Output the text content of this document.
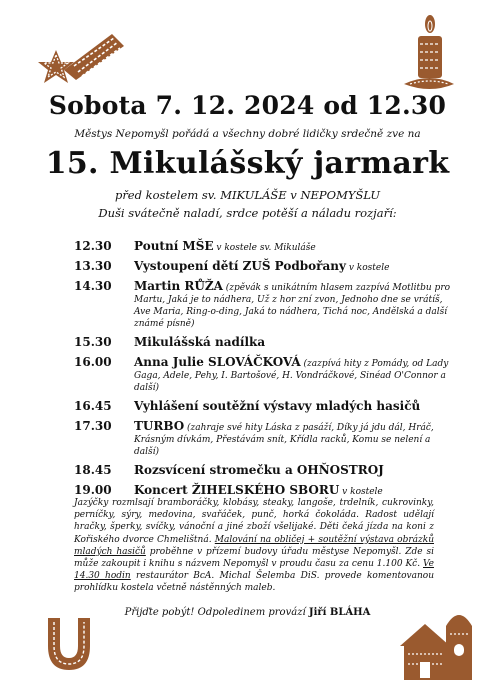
Sobota 7. 12. 2024 od 12.30
Městys Nepomyšl pořádá a všechny dobré lidičky srdečně zve na
15. Mikulášský jarmark
před kostelem sv. MIKULÁŠE v NEPOMYŠLU
Duši svátečně naladí, srdce potěší a náladu rozjaří:
12.30	Poutní MŠE v kostele sv. Mikuláše
13.30	Vystoupení dětí ZUŠ Podbořany v kostele
14.30	Martin RŮŽA (zpěvák s unikátním hlasem zazpívá Motlitbu pro Martu, Jaká je to nádhera, Už z hor zní zvon, Jednoho dne se vrátíš, Ave Maria, Ring-o-ding, Jaká to nádhera, Tichá noc, Andělská a další známé písně)
15.30	Mikulášská nadílka
16.00	Anna Julie SLOVÁČKOVÁ (zazpívá hity z Pomády, od Lady Gaga, Adele, Pehy, I. Bartošové, H. Vondráčkové, Sinéad O'Connor a další)
16.45	Vyhlášení soutěžní výstavy mladých hasičů
17.30	TURBO (zahraje své hity Láska z pasáží, Díky já jdu dál, Hráč, Krásným dívkám, Přestávám snít, Křídla racků, Komu se nelení a další)
18.45	Rozsvícení stromečku a OHŇOSTROJ
19.00	Koncert ŽIHELSKÉHO SBORU v kostele
Jazýčky rozmlsají bramboráčky, klobásy, steaky, langoše, trdelník, cukrovinky, perníčky, sýry, medovina, svařáček, punč, horká čokoláda. Radost udělají hračky, šperky, svíčky, vánoční a jiné zboží všelijaké. Děti čeká jízda na koni z Kořiského dvorce Chmelištná. Malování na obličej + soutěžní výstava obrázků mladých hasičů proběhne v přízemí budovy úřadu městyse Nepomyšl. Zde si může zakoupit i knihu s názvem Nepomyšl v proudu času za cenu 1.100 Kč. Ve 14.30 hodin restaurátor BcA. Michal Šelemba DiS. provede komentovanou prohlídku kostela včetně nástěnných maleb.
Přijďte pobýt! Odpoledinem provází Jiří BLÁHA
